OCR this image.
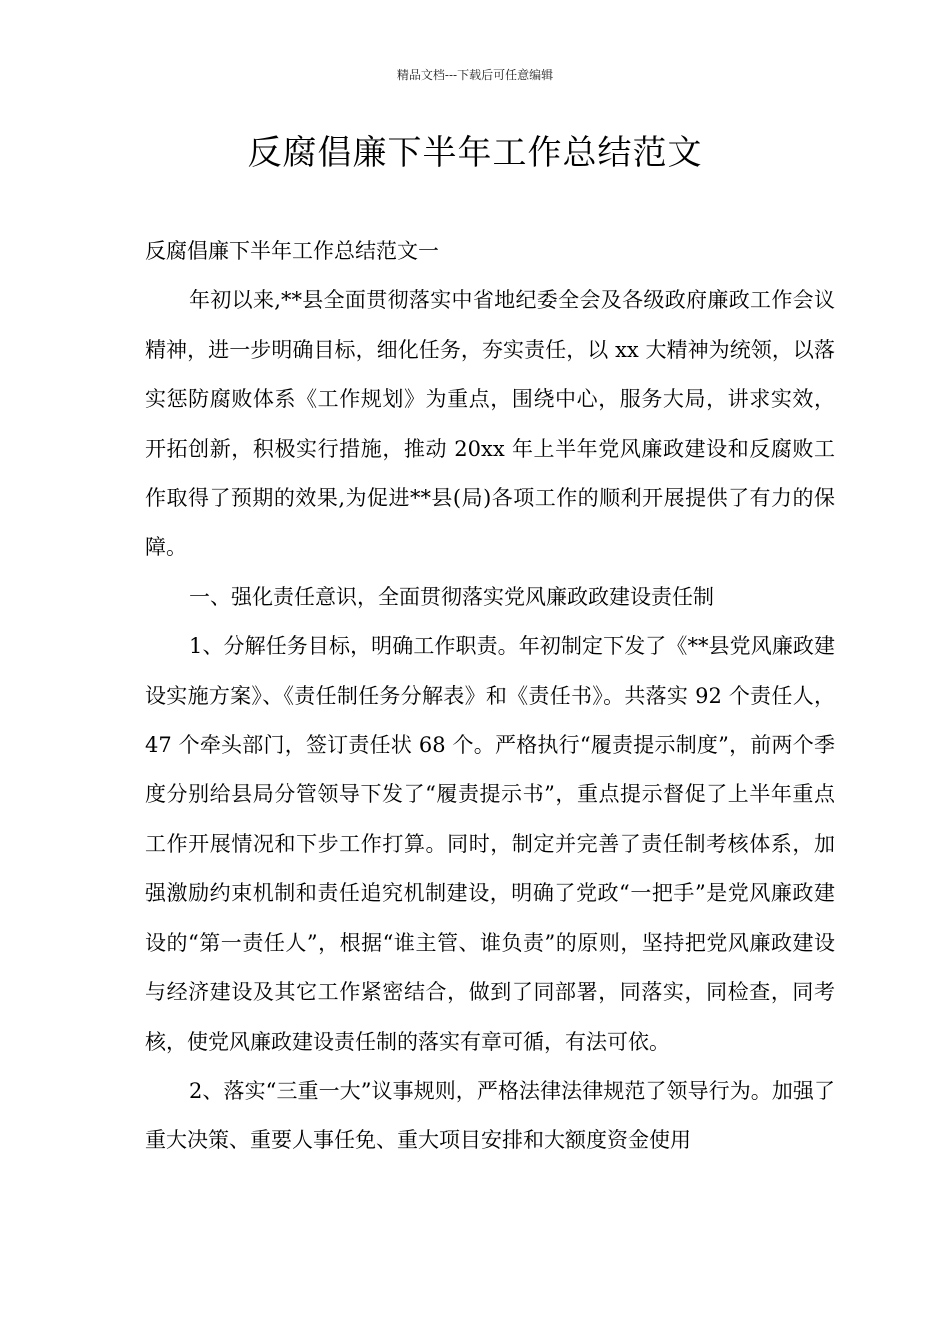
精品文档---下载后可任意编辑
反腐倡廉下半年工作总结范文

反腐倡廉下半年工作总结范文一

年初以来,**县全面贯彻落实中省地纪委全会及各级政府廉政工作会议精神，进一步明确目标，细化任务，夯实责任，以 xx 大精神为统领，以落实惩防腐败体系《工作规划》为重点，围绕中心，服务大局，讲求实效，开拓创新，积极实行措施，推动 20xx 年上半年党风廉政建设和反腐败工作取得了预期的效果,为促进**县(局)各项工作的顺利开展提供了有力的保障。

一、强化责任意识，全面贯彻落实党风廉政政建设责任制

1、分解任务目标，明确工作职责。年初制定下发了《**县党风廉政建设实施方案》、《责任制任务分解表》和《责任书》。共落实 92 个责任人，47 个牵头部门，签订责任状 68 个。严格执行“履责提示制度”，前两个季度分别给县局分管领导下发了“履责提示书”，重点提示督促了上半年重点工作开展情况和下步工作打算。同时，制定并完善了责任制考核体系，加强激励约束机制和责任追究机制建设，明确了党政“一把手”是党风廉政建设的“第一责任人”，根据“谁主管、谁负责”的原则，坚持把党风廉政建设与经济建设及其它工作紧密结合，做到了同部署，同落实，同检查，同考核，使党风廉政建设责任制的落实有章可循，有法可依。

2、落实“三重一大”议事规则，严格法律法律规范了领导行为。加强了重大决策、重要人事任免、重大项目安排和大额度资金使用
